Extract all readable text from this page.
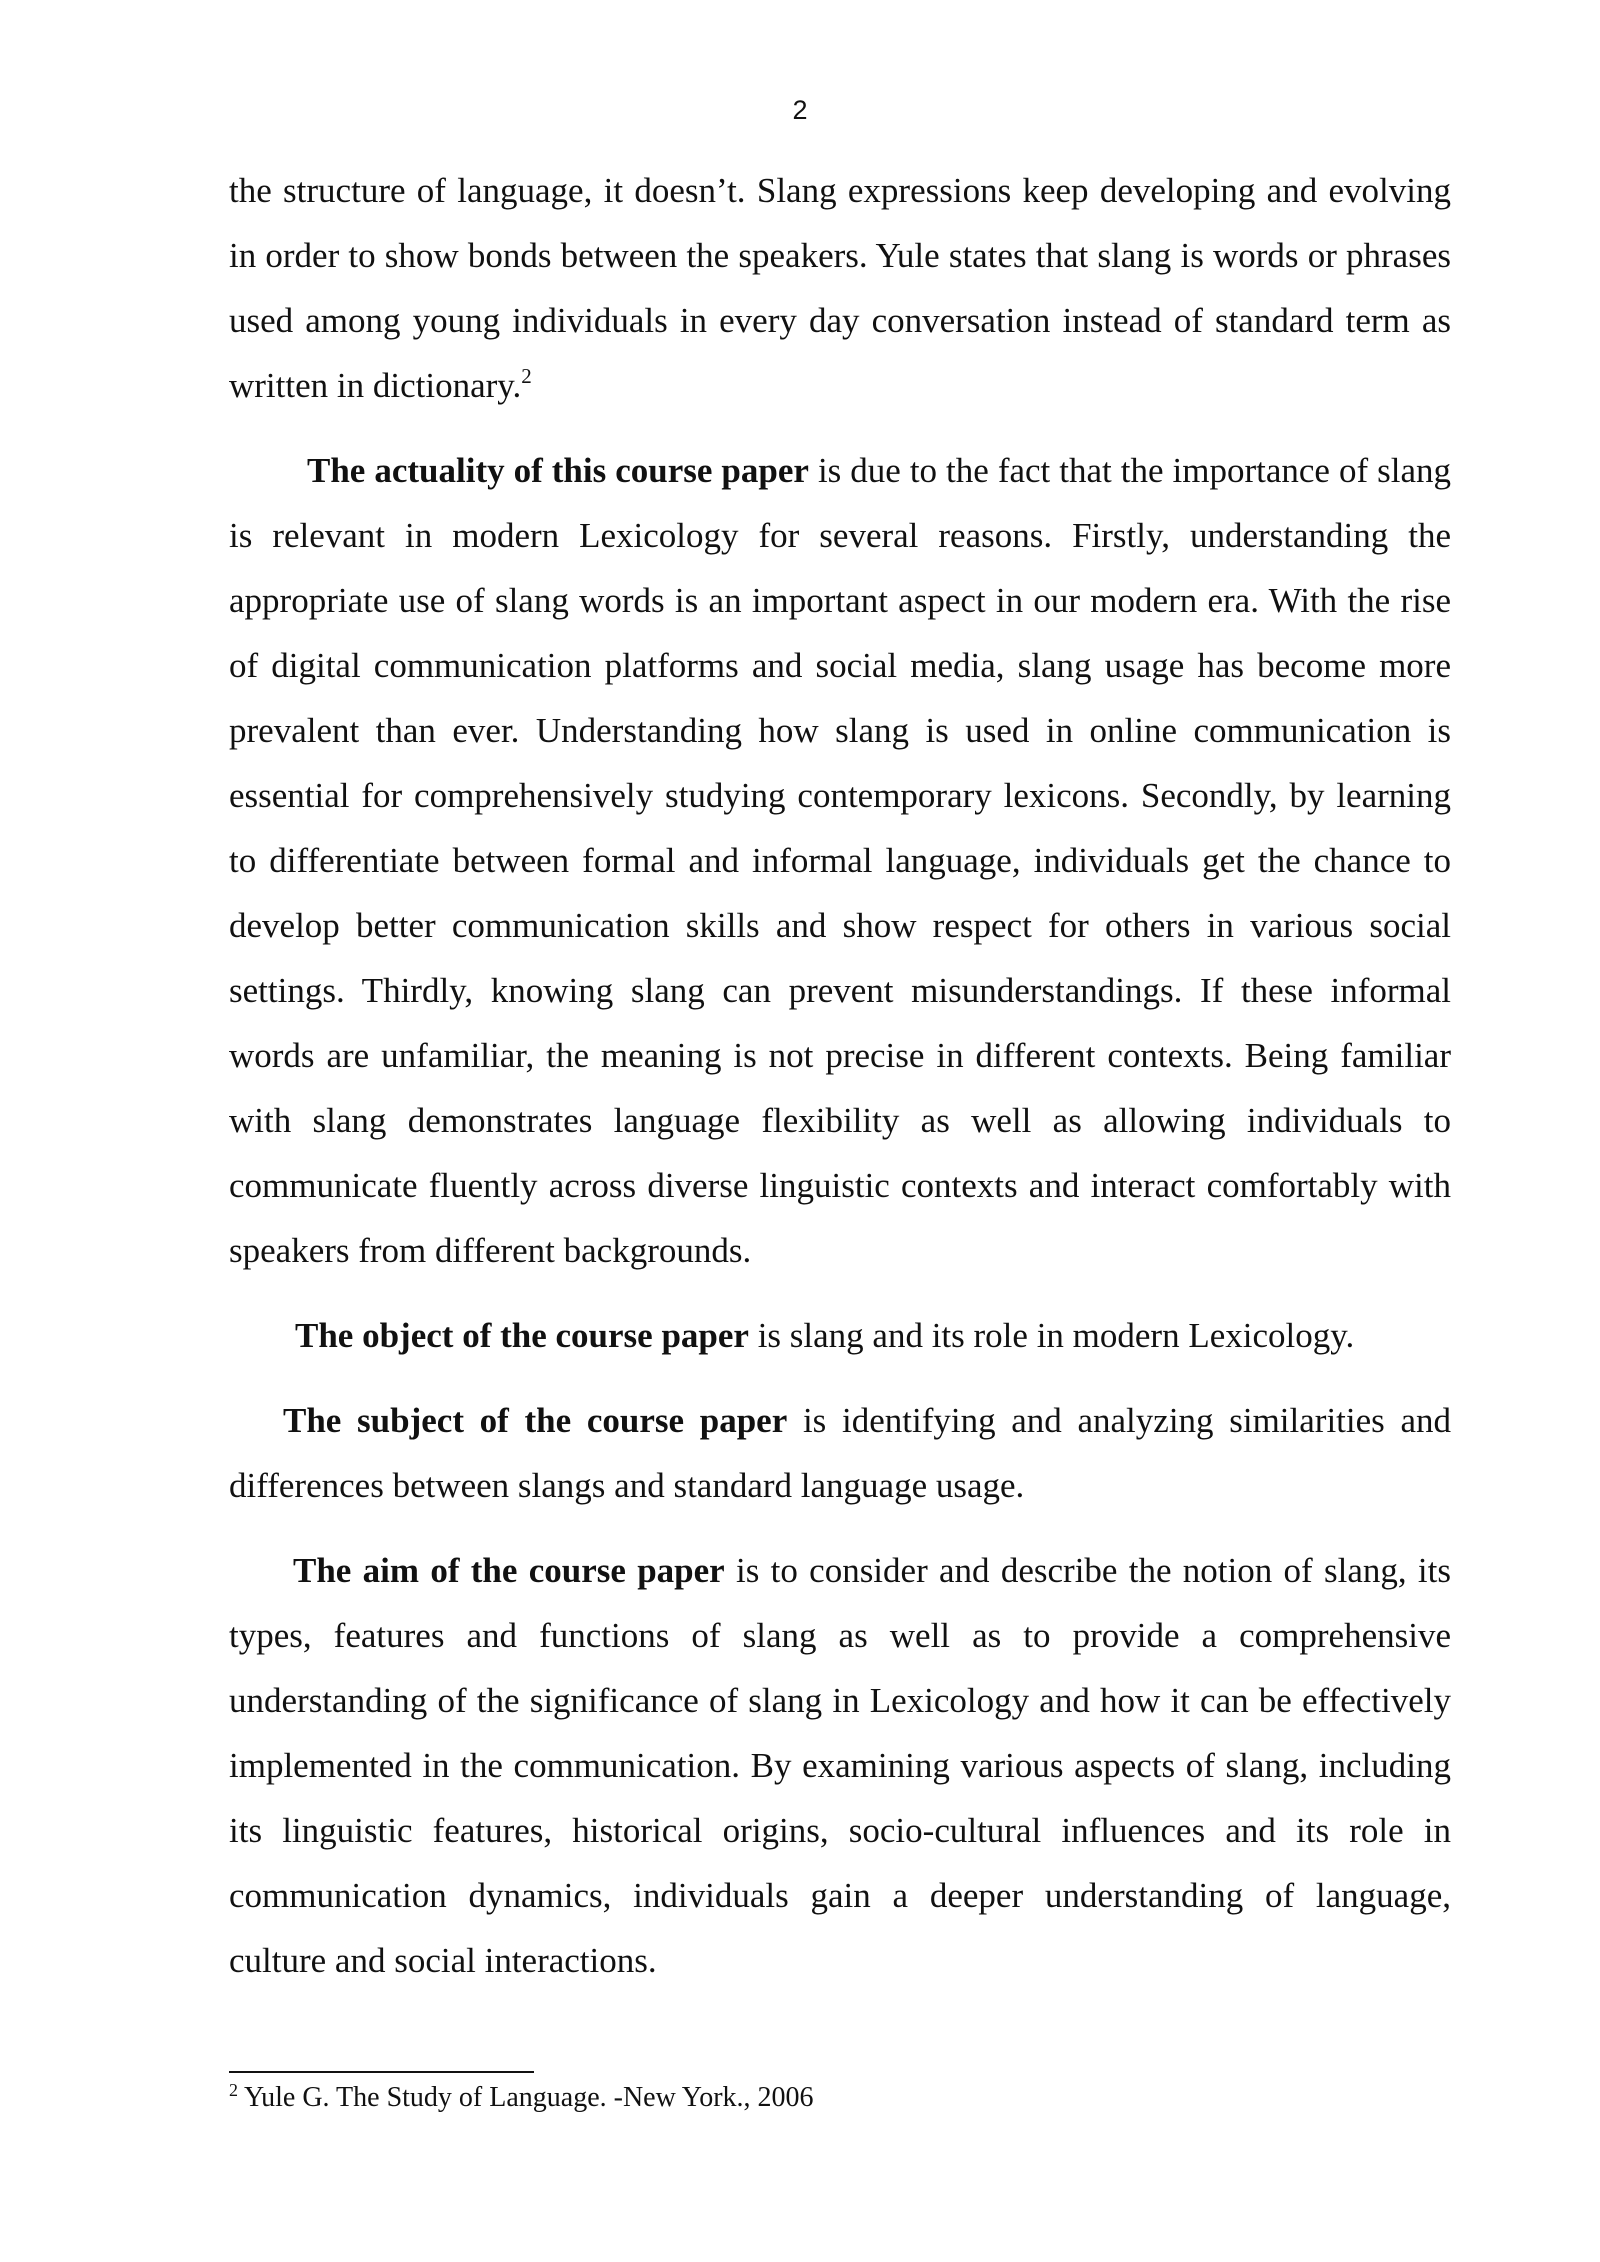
2

the structure of language, it doesn’t. Slang expressions keep developing and evolving in order to show bonds between the speakers. Yule states that slang is words or phrases used among young individuals in every day conversation instead of standard term as written in dictionary.$^2$

The actuality of this course paper is due to the fact that the importance of slang is relevant in modern Lexicology for several reasons. Firstly, understanding the appropriate use of slang words is an important aspect in our modern era. With the rise of digital communication platforms and social media, slang usage has become more prevalent than ever. Understanding how slang is used in online communication is essential for comprehensively studying contemporary lexicons. Secondly, by learning to differentiate between formal and informal language, individuals get the chance to develop better communication skills and show respect for others in various social settings. Thirdly, knowing slang can prevent misunderstandings. If these informal words are unfamiliar, the meaning is not precise in different contexts. Being familiar with slang demonstrates language flexibility as well as allowing individuals to communicate fluently across diverse linguistic contexts and interact comfortably with speakers from different backgrounds.

The object of the course paper is slang and its role in modern Lexicology.

The subject of the course paper is identifying and analyzing similarities and differences between slangs and standard language usage.

The aim of the course paper is to consider and describe the notion of slang, its types, features and functions of slang as well as to provide a comprehensive understanding of the significance of slang in Lexicology and how it can be effectively implemented in the communication. By examining various aspects of slang, including its linguistic features, historical origins, socio-cultural influences and its role in communication dynamics, individuals gain a deeper understanding of language, culture and social interactions.

$^2$ Yule G. The Study of Language. -New York., 2006
